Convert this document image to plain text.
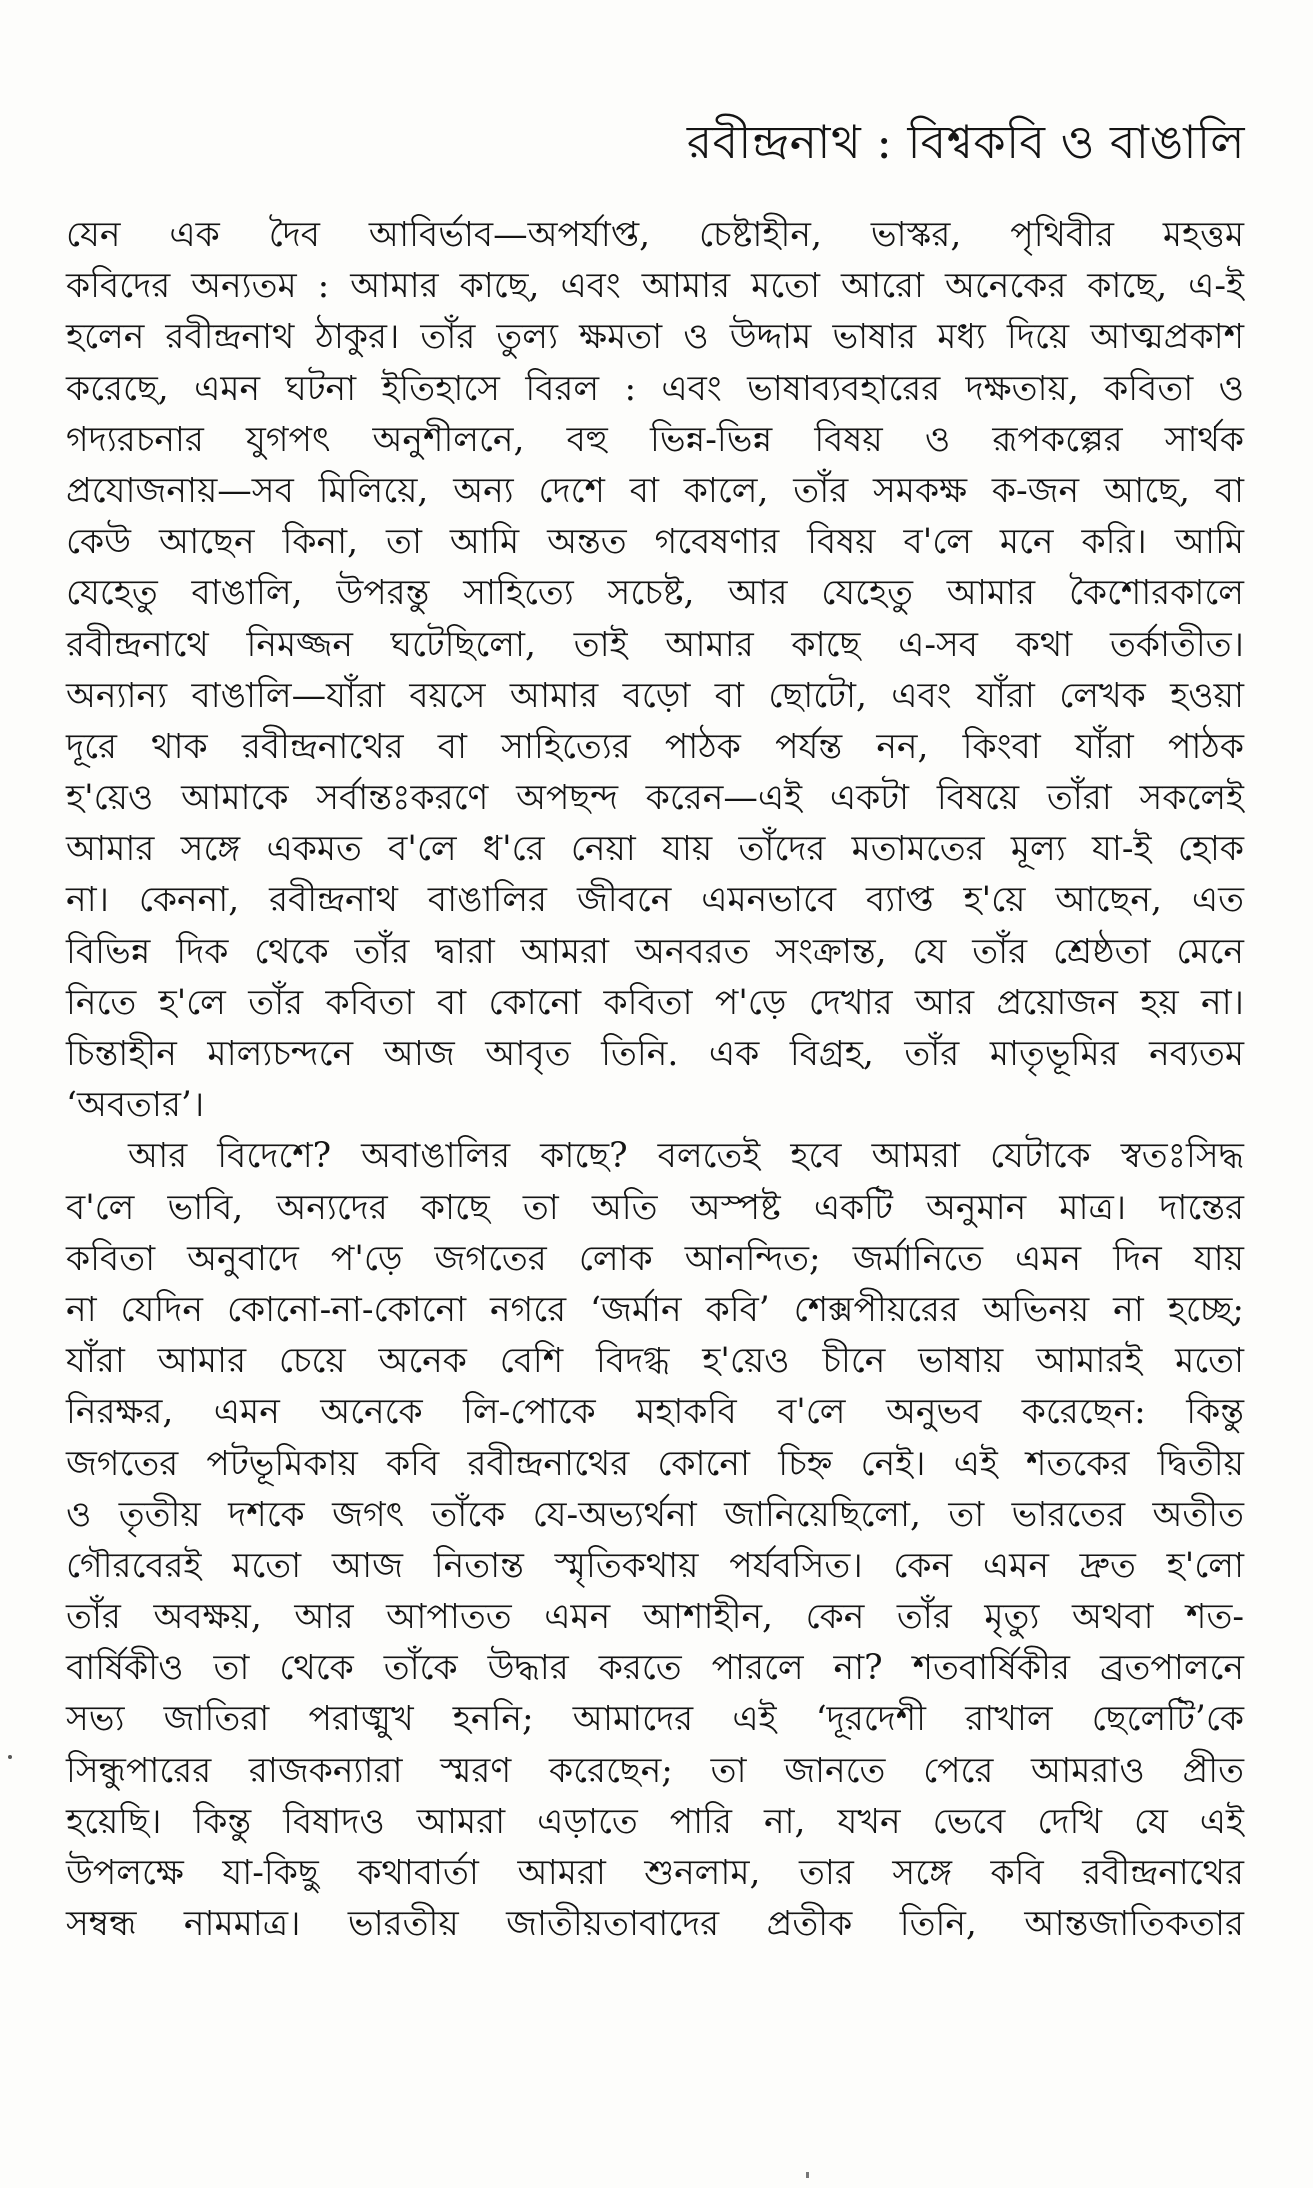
রবীন্দ্রনাথ : বিশ্বকবি ও বাঙালি
যেন এক দৈব আবির্ভাব—অপর্যাপ্ত, চেষ্টাহীন, ভাস্কর, পৃথিবীর মহত্তম
কবিদের অন্যতম : আমার কাছে, এবং আমার মতো আরো অনেকের কাছে, এ-ই
হলেন রবীন্দ্রনাথ ঠাকুর। তাঁর তুল্য ক্ষমতা ও উদ্দাম ভাষার মধ্য দিয়ে আত্মপ্রকাশ
করেছে, এমন ঘটনা ইতিহাসে বিরল : এবং ভাষাব্যবহারের দক্ষতায়, কবিতা ও
গদ্যরচনার যুগপৎ অনুশীলনে, বহু ভিন্ন-ভিন্ন বিষয় ও রূপকল্পের সার্থক
প্রযোজনায়—সব মিলিয়ে, অন্য দেশে বা কালে, তাঁর সমকক্ষ ক-জন আছে, বা
কেউ আছেন কিনা, তা আমি অন্তত গবেষণার বিষয় ব'লে মনে করি। আমি
যেহেতু বাঙালি, উপরন্তু সাহিত্যে সচেষ্ট, আর যেহেতু আমার কৈশোরকালে
রবীন্দ্রনাথে নিমজ্জন ঘটেছিলো, তাই আমার কাছে এ-সব কথা তর্কাতীত।
অন্যান্য বাঙালি—যাঁরা বয়সে আমার বড়ো বা ছোটো, এবং যাঁরা লেখক হওয়া
দূরে থাক রবীন্দ্রনাথের বা সাহিত্যের পাঠক পর্যন্ত নন, কিংবা যাঁরা পাঠক
হ'য়েও আমাকে সর্বান্তঃকরণে অপছন্দ করেন—এই একটা বিষয়ে তাঁরা সকলেই
আমার সঙ্গে একমত ব'লে ধ'রে নেয়া যায় তাঁদের মতামতের মূল্য যা-ই হোক
না। কেননা, রবীন্দ্রনাথ বাঙালির জীবনে এমনভাবে ব্যাপ্ত হ'য়ে আছেন, এত
বিভিন্ন দিক থেকে তাঁর দ্বারা আমরা অনবরত সংক্রান্ত, যে তাঁর শ্রেষ্ঠতা মেনে
নিতে হ'লে তাঁর কবিতা বা কোনো কবিতা প'ড়ে দেখার আর প্রয়োজন হয় না।
চিন্তাহীন মাল্যচন্দনে আজ আবৃত তিনি. এক বিগ্রহ, তাঁর মাতৃভূমির নব্যতম
‘অবতার’।
আর বিদেশে? অবাঙালির কাছে? বলতেই হবে আমরা যেটাকে স্বতঃসিদ্ধ
ব'লে ভাবি, অন্যদের কাছে তা অতি অস্পষ্ট একটি অনুমান মাত্র। দান্তের
কবিতা অনুবাদে প'ড়ে জগতের লোক আনন্দিত; জর্মানিতে এমন দিন যায়
না যেদিন কোনো-না-কোনো নগরে ‘জর্মান কবি’ শেক্সপীয়রের অভিনয় না হচ্ছে;
যাঁরা আমার চেয়ে অনেক বেশি বিদগ্ধ হ'য়েও চীনে ভাষায় আমারই মতো
নিরক্ষর, এমন অনেকে লি-পোকে মহাকবি ব'লে অনুভব করেছেন: কিন্তু
জগতের পটভূমিকায় কবি রবীন্দ্রনাথের কোনো চিহ্ন নেই। এই শতকের দ্বিতীয়
ও তৃতীয় দশকে জগৎ তাঁকে যে-অভ্যর্থনা জানিয়েছিলো, তা ভারতের অতীত
গৌরবেরই মতো আজ নিতান্ত স্মৃতিকথায় পর্যবসিত। কেন এমন দ্রুত হ'লো
তাঁর অবক্ষয়, আর আপাতত এমন আশাহীন, কেন তাঁর মৃত্যু অথবা শত-
বার্ষিকীও তা থেকে তাঁকে উদ্ধার করতে পারলে না? শতবার্ষিকীর ব্রতপালনে
সভ্য জাতিরা পরাঙ্মুখ হননি; আমাদের এই ‘দূরদেশী রাখাল ছেলেটি’কে
সিন্ধুপারের রাজকন্যারা স্মরণ করেছেন; তা জানতে পেরে আমরাও প্রীত
হয়েছি। কিন্তু বিষাদও আমরা এড়াতে পারি না, যখন ভেবে দেখি যে এই
উপলক্ষে যা-কিছু কথাবার্তা আমরা শুনলাম, তার সঙ্গে কবি রবীন্দ্রনাথের
সম্বন্ধ নামমাত্র। ভারতীয় জাতীয়তাবাদের প্রতীক তিনি, আন্তজাতিকতার
